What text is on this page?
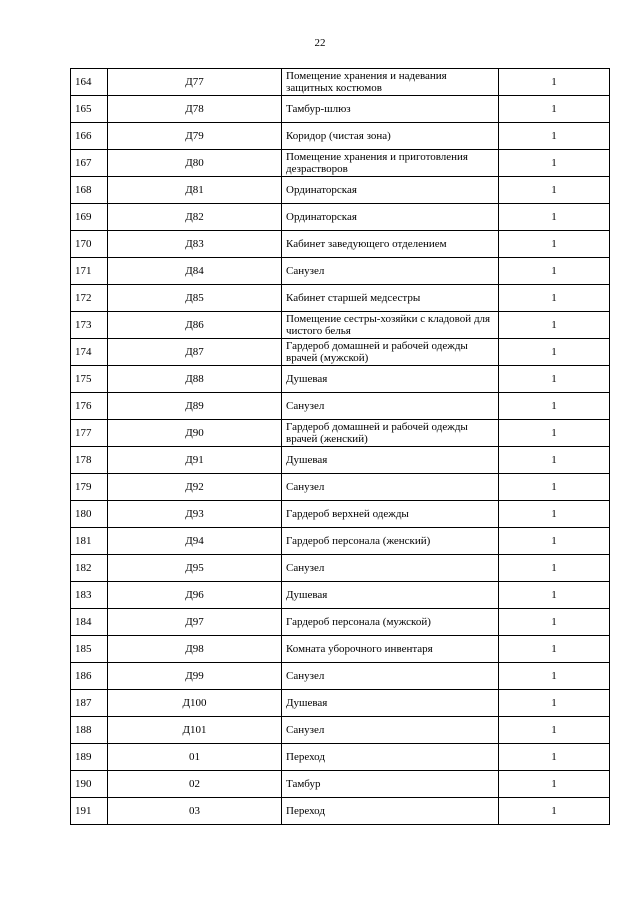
22
164	Д77	Помещение хранения и надевания защитных костюмов	1
165	Д78	Тамбур-шлюз	1
166	Д79	Коридор (чистая зона)	1
167	Д80	Помещение хранения и приготовления дезрастворов	1
168	Д81	Ординаторская	1
169	Д82	Ординаторская	1
170	Д83	Кабинет заведующего отделением	1
171	Д84	Санузел	1
172	Д85	Кабинет старшей медсестры	1
173	Д86	Помещение сестры-хозяйки с кладовой для чистого белья	1
174	Д87	Гардероб домашней и рабочей одежды врачей (мужской)	1
175	Д88	Душевая	1
176	Д89	Санузел	1
177	Д90	Гардероб домашней и рабочей одежды врачей (женский)	1
178	Д91	Душевая	1
179	Д92	Санузел	1
180	Д93	Гардероб верхней одежды	1
181	Д94	Гардероб персонала (женский)	1
182	Д95	Санузел	1
183	Д96	Душевая	1
184	Д97	Гардероб персонала (мужской)	1
185	Д98	Комната уборочного инвентаря	1
186	Д99	Санузел	1
187	Д100	Душевая	1
188	Д101	Санузел	1
189	01	Переход	1
190	02	Тамбур	1
191	03	Переход	1
